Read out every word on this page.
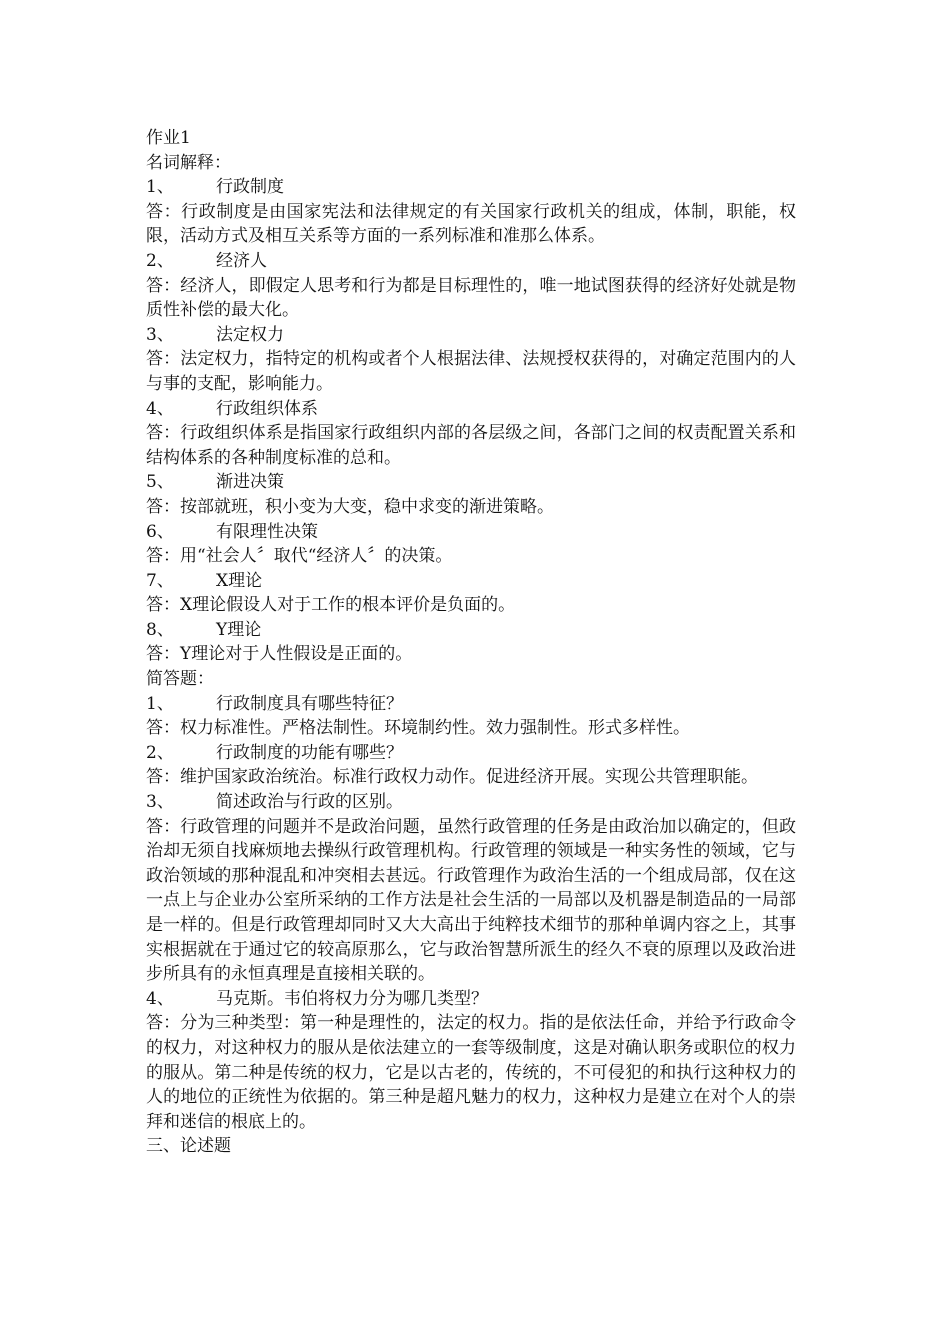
作业1
名词解释：
1、	行政制度
答：行政制度是由国家宪法和法律规定的有关国家行政机关的组成，体制，职能，权限，活动方式及相互关系等方面的一系列标准和准那么体系。
2、	经济人
答：经济人，即假定人思考和行为都是目标理性的，唯一地试图获得的经济好处就是物质性补偿的最大化。
3、	法定权力
答：法定权力，指特定的机构或者个人根据法律、法规授权获得的，对确定范围内的人与事的支配，影响能力。
4、	行政组织体系
答：行政组织体系是指国家行政组织内部的各层级之间，各部门之间的权责配置关系和结构体系的各种制度标准的总和。
5、	渐进决策
答：按部就班，积小变为大变，稳中求变的渐进策略。
6、	有限理性决策
答：用“社会人〞取代“经济人〞的决策。
7、	X理论
答：X理论假设人对于工作的根本评价是负面的。
8、	Y理论
答：Y理论对于人性假设是正面的。
简答题：
1、	行政制度具有哪些特征？
答：权力标准性。严格法制性。环境制约性。效力强制性。形式多样性。
2、	行政制度的功能有哪些？
答：维护国家政治统治。标准行政权力动作。促进经济开展。实现公共管理职能。
3、	简述政治与行政的区别。
答：行政管理的问题并不是政治问题，虽然行政管理的任务是由政治加以确定的，但政治却无须自找麻烦地去操纵行政管理机构。行政管理的领域是一种实务性的领域，它与政治领域的那种混乱和冲突相去甚远。行政管理作为政治生活的一个组成局部，仅在这一点上与企业办公室所采纳的工作方法是社会生活的一局部以及机器是制造品的一局部是一样的。但是行政管理却同时又大大高出于纯粹技术细节的那种单调内容之上，其事实根据就在于通过它的较高原那么，它与政治智慧所派生的经久不衰的原理以及政治进步所具有的永恒真理是直接相关联的。
4、	马克斯。韦伯将权力分为哪几类型？
答：分为三种类型：第一种是理性的，法定的权力。指的是依法任命，并给予行政命令的权力，对这种权力的服从是依法建立的一套等级制度，这是对确认职务或职位的权力的服从。第二种是传统的权力，它是以古老的，传统的，不可侵犯的和执行这种权力的人的地位的正统性为依据的。第三种是超凡魅力的权力，这种权力是建立在对个人的崇拜和迷信的根底上的。
三、论述题
